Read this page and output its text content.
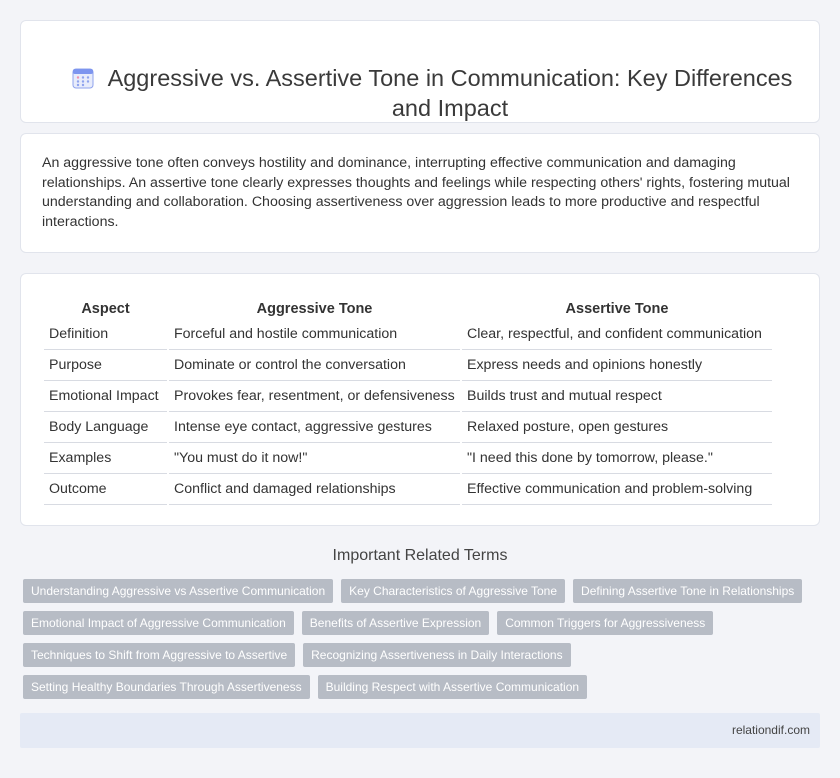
Aggressive vs. Assertive Tone in Communication: Key Differences and Impact

An aggressive tone often conveys hostility and dominance, interrupting effective communication and damaging relationships. An assertive tone clearly expresses thoughts and feelings while respecting others' rights, fostering mutual understanding and collaboration. Choosing assertiveness over aggression leads to more productive and respectful interactions.

Aspect	Aggressive Tone	Assertive Tone
Definition	Forceful and hostile communication	Clear, respectful, and confident communication
Purpose	Dominate or control the conversation	Express needs and opinions honestly
Emotional Impact	Provokes fear, resentment, or defensiveness	Builds trust and mutual respect
Body Language	Intense eye contact, aggressive gestures	Relaxed posture, open gestures
Examples	"You must do it now!"	"I need this done by tomorrow, please."
Outcome	Conflict and damaged relationships	Effective communication and problem-solving
Important Related Terms
Understanding Aggressive vs Assertive Communication	Key Characteristics of Aggressive Tone	Defining Assertive Tone in Relationships
Emotional Impact of Aggressive Communication	Benefits of Assertive Expression	Common Triggers for Aggressiveness
Techniques to Shift from Aggressive to Assertive	Recognizing Assertiveness in Daily Interactions
Setting Healthy Boundaries Through Assertiveness	Building Respect with Assertive Communication
relationdif.com
